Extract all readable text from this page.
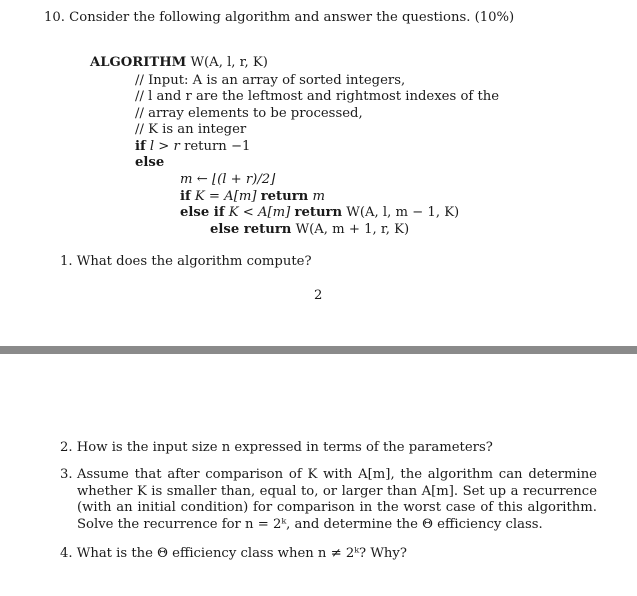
10. Consider the following algorithm and answer the questions. (10%)
ALGORITHM W(A, l, r, K)
// Input: A is an array of sorted integers,
// l and r are the leftmost and rightmost indexes of the
// array elements to be processed,
// K is an integer
if l > r return −1
else
m ← ⌊(l + r)/2⌋
if K = A[m] return m
else if K < A[m] return W(A, l, m − 1, K)
else return W(A, m + 1, r, K)
1. What does the algorithm compute?
2
2. How is the input size n expressed in terms of the parameters?
3. Assume that after comparison of K with A[m], the algorithm can determine whether K is smaller than, equal to, or larger than A[m]. Set up a recurrence (with an initial condition) for comparison in the worst case of this algorithm. Solve the recurrence for n = 2ᵏ, and determine the Θ efficiency class.
4. What is the Θ efficiency class when n ≠ 2ᵏ? Why?
